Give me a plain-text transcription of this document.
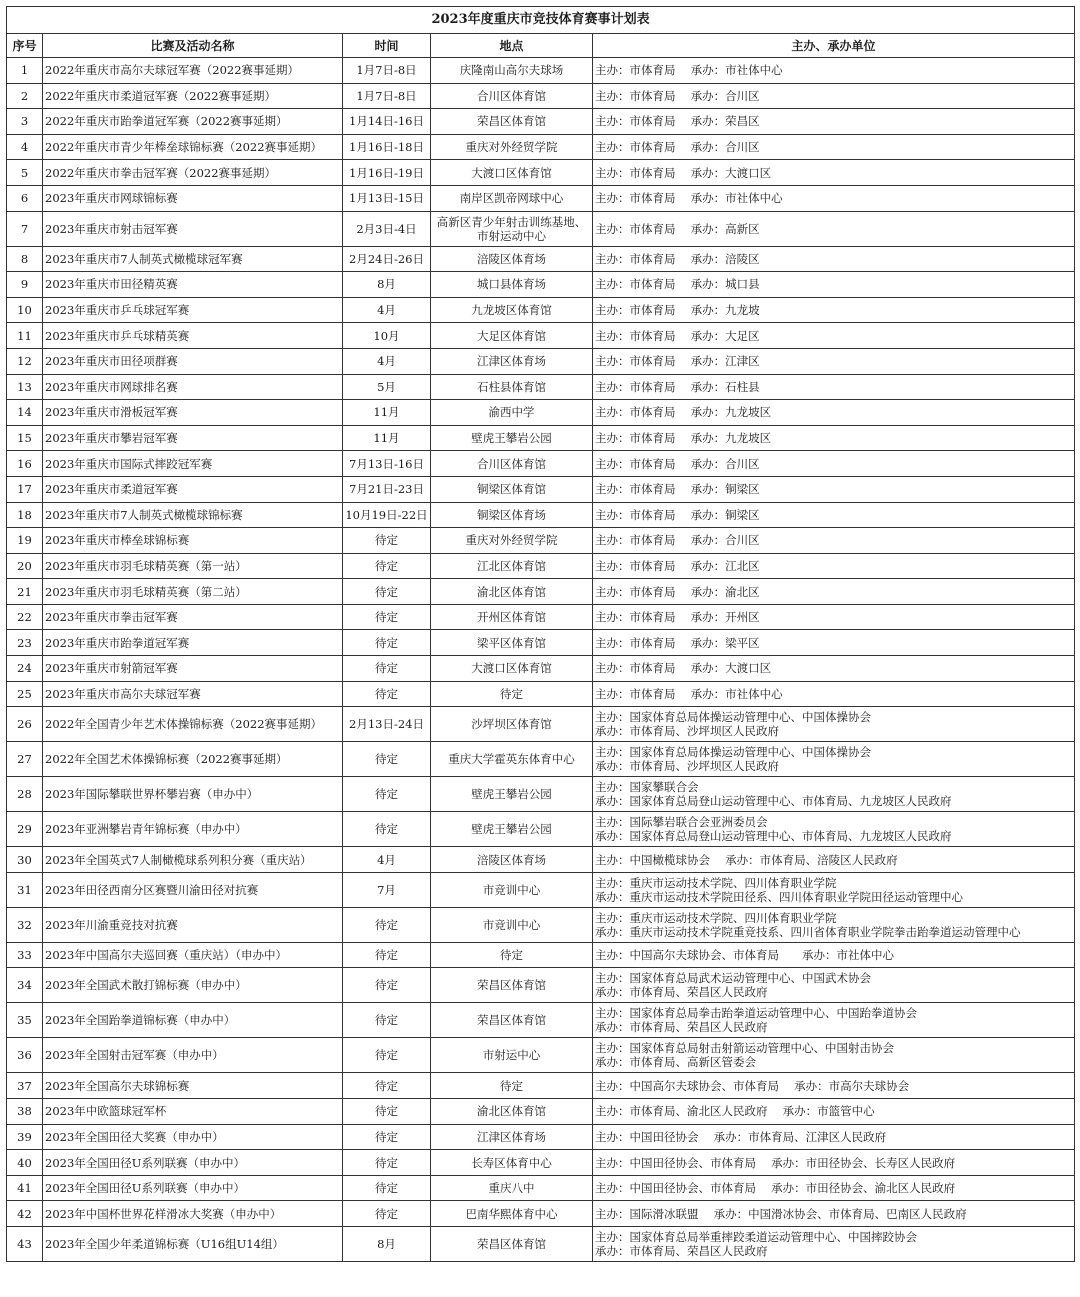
2023年度重庆市竞技体育赛事计划表				
序号	比赛及活动名称	时间	地点	主办、承办单位
1	2022年重庆市高尔夫球冠军赛（2022赛事延期）	1月7日-8日	庆隆南山高尔夫球场	主办：市体育局　 承办：市社体中心

2	2022年重庆市柔道冠军赛（2022赛事延期）	1月7日-8日	合川区体育馆	主办：市体育局　 承办：合川区

3	2022年重庆市跆拳道冠军赛（2022赛事延期）	1月14日-16日	荣昌区体育馆	主办：市体育局　 承办：荣昌区

4	2022年重庆市青少年棒垒球锦标赛（2022赛事延期）	1月16日-18日	重庆对外经贸学院	主办：市体育局　 承办：合川区

5	2022年重庆市拳击冠军赛（2022赛事延期）	1月16日-19日	大渡口区体育馆	主办：市体育局　 承办：大渡口区

6	2023年重庆市网球锦标赛	1月13日-15日	南岸区凯帝网球中心	主办：市体育局　 承办：市社体中心

7	2023年重庆市射击冠军赛	2月3日-4日	高新区青少年射击训练基地、市射运动中心	主办：市体育局　 承办：高新区

8	2023年重庆市7人制英式橄榄球冠军赛	2月24日-26日	涪陵区体育场	主办：市体育局　 承办：涪陵区

9	2023年重庆市田径精英赛	8月	城口县体育场	主办：市体育局　 承办：城口县

10	2023年重庆市乒乓球冠军赛	4月	九龙坡区体育馆	主办：市体育局　 承办：九龙坡

11	2023年重庆市乒乓球精英赛	10月	大足区体育馆	主办：市体育局　 承办：大足区

12	2023年重庆市田径项群赛	4月	江津区体育场	主办：市体育局　 承办：江津区

13	2023年重庆市网球排名赛	5月	石柱县体育馆	主办：市体育局　 承办：石柱县

14	2023年重庆市滑板冠军赛	11月	渝西中学	主办：市体育局　 承办：九龙坡区

15	2023年重庆市攀岩冠军赛	11月	壁虎王攀岩公园	主办：市体育局　 承办：九龙坡区

16	2023年重庆市国际式摔跤冠军赛	7月13日-16日	合川区体育馆	主办：市体育局　 承办：合川区

17	2023年重庆市柔道冠军赛	7月21日-23日	铜梁区体育馆	主办：市体育局　 承办：铜梁区

18	2023年重庆市7人制英式橄榄球锦标赛	10月19日-22日	铜梁区体育场	主办：市体育局　 承办：铜梁区

19	2023年重庆市棒垒球锦标赛	待定	重庆对外经贸学院	主办：市体育局　 承办：合川区

20	2023年重庆市羽毛球精英赛（第一站）	待定	江北区体育馆	主办：市体育局　 承办：江北区

21	2023年重庆市羽毛球精英赛（第二站）	待定	渝北区体育馆	主办：市体育局　 承办：渝北区

22	2023年重庆市拳击冠军赛	待定	开州区体育馆	主办：市体育局　 承办：开州区

23	2023年重庆市跆拳道冠军赛	待定	梁平区体育馆	主办：市体育局　 承办：梁平区

24	2023年重庆市射箭冠军赛	待定	大渡口区体育馆	主办：市体育局　 承办：大渡口区

25	2023年重庆市高尔夫球冠军赛	待定	待定	主办：市体育局　 承办：市社体中心

26	2022年全国青少年艺术体操锦标赛（2022赛事延期）	2月13日-24日	沙坪坝区体育馆	主办：国家体育总局体操运动管理中心、中国体操协会
承办：市体育局、沙坪坝区人民政府

27	2022年全国艺术体操锦标赛（2022赛事延期）	待定	重庆大学霍英东体育中心	主办：国家体育总局体操运动管理中心、中国体操协会
承办：市体育局、沙坪坝区人民政府

28	2023年国际攀联世界杯攀岩赛（申办中）	待定	壁虎王攀岩公园	主办：国家攀联合会
承办：国家体育总局登山运动管理中心、市体育局、九龙坡区人民政府

29	2023年亚洲攀岩青年锦标赛（申办中）	待定	壁虎王攀岩公园	主办：国际攀岩联合会亚洲委员会
承办：国家体育总局登山运动管理中心、市体育局、九龙坡区人民政府

30	2023年全国英式7人制橄榄球系列积分赛（重庆站）	4月	涪陵区体育场	主办：中国橄榄球协会　 承办：市体育局、涪陵区人民政府

31	2023年田径西南分区赛暨川渝田径对抗赛	7月	市竞训中心	主办：重庆市运动技术学院、四川体育职业学院
承办：重庆市运动技术学院田径系、四川体育职业学院田径运动管理中心

32	2023年川渝重竞技对抗赛	待定	市竞训中心	主办：重庆市运动技术学院、四川体育职业学院
承办：重庆市运动技术学院重竞技系、四川省体育职业学院拳击跆拳道运动管理中心

33	2023年中国高尔夫巡回赛（重庆站）（申办中）	待定	待定	主办：中国高尔夫球协会、市体育局　　承办：市社体中心

34	2023年全国武术散打锦标赛（申办中）	待定	荣昌区体育馆	主办：国家体育总局武术运动管理中心、中国武术协会
承办：市体育局、荣昌区人民政府

35	2023年全国跆拳道锦标赛（申办中）	待定	荣昌区体育馆	主办：国家体育总局拳击跆拳道运动管理中心、中国跆拳道协会
承办：市体育局、荣昌区人民政府

36	2023年全国射击冠军赛（申办中）	待定	市射运中心	主办：国家体育总局射击射箭运动管理中心、中国射击协会
承办：市体育局、高新区管委会

37	2023年全国高尔夫球锦标赛	待定	待定	主办：中国高尔夫球协会、市体育局　 承办：市高尔夫球协会

38	2023年中欧篮球冠军杯	待定	渝北区体育馆	主办：市体育局、渝北区人民政府　 承办：市篮管中心

39	2023年全国田径大奖赛（申办中）	待定	江津区体育场	主办：中国田径协会　 承办：市体育局、江津区人民政府

40	2023年全国田径U系列联赛（申办中）	待定	长寿区体育中心	主办：中国田径协会、市体育局　 承办：市田径协会、长寿区人民政府

41	2023年全国田径U系列联赛（申办中）	待定	重庆八中	主办：中国田径协会、市体育局　 承办：市田径协会、渝北区人民政府

42	2023年中国杯世界花样滑冰大奖赛（申办中）	待定	巴南华熙体育中心	主办：国际滑冰联盟　 承办：中国滑冰协会、市体育局、巴南区人民政府

43	2023年全国少年柔道锦标赛（U16组U14组）	8月	荣昌区体育馆	主办：国家体育总局举重摔跤柔道运动管理中心、中国摔跤协会
承办：市体育局、荣昌区人民政府
